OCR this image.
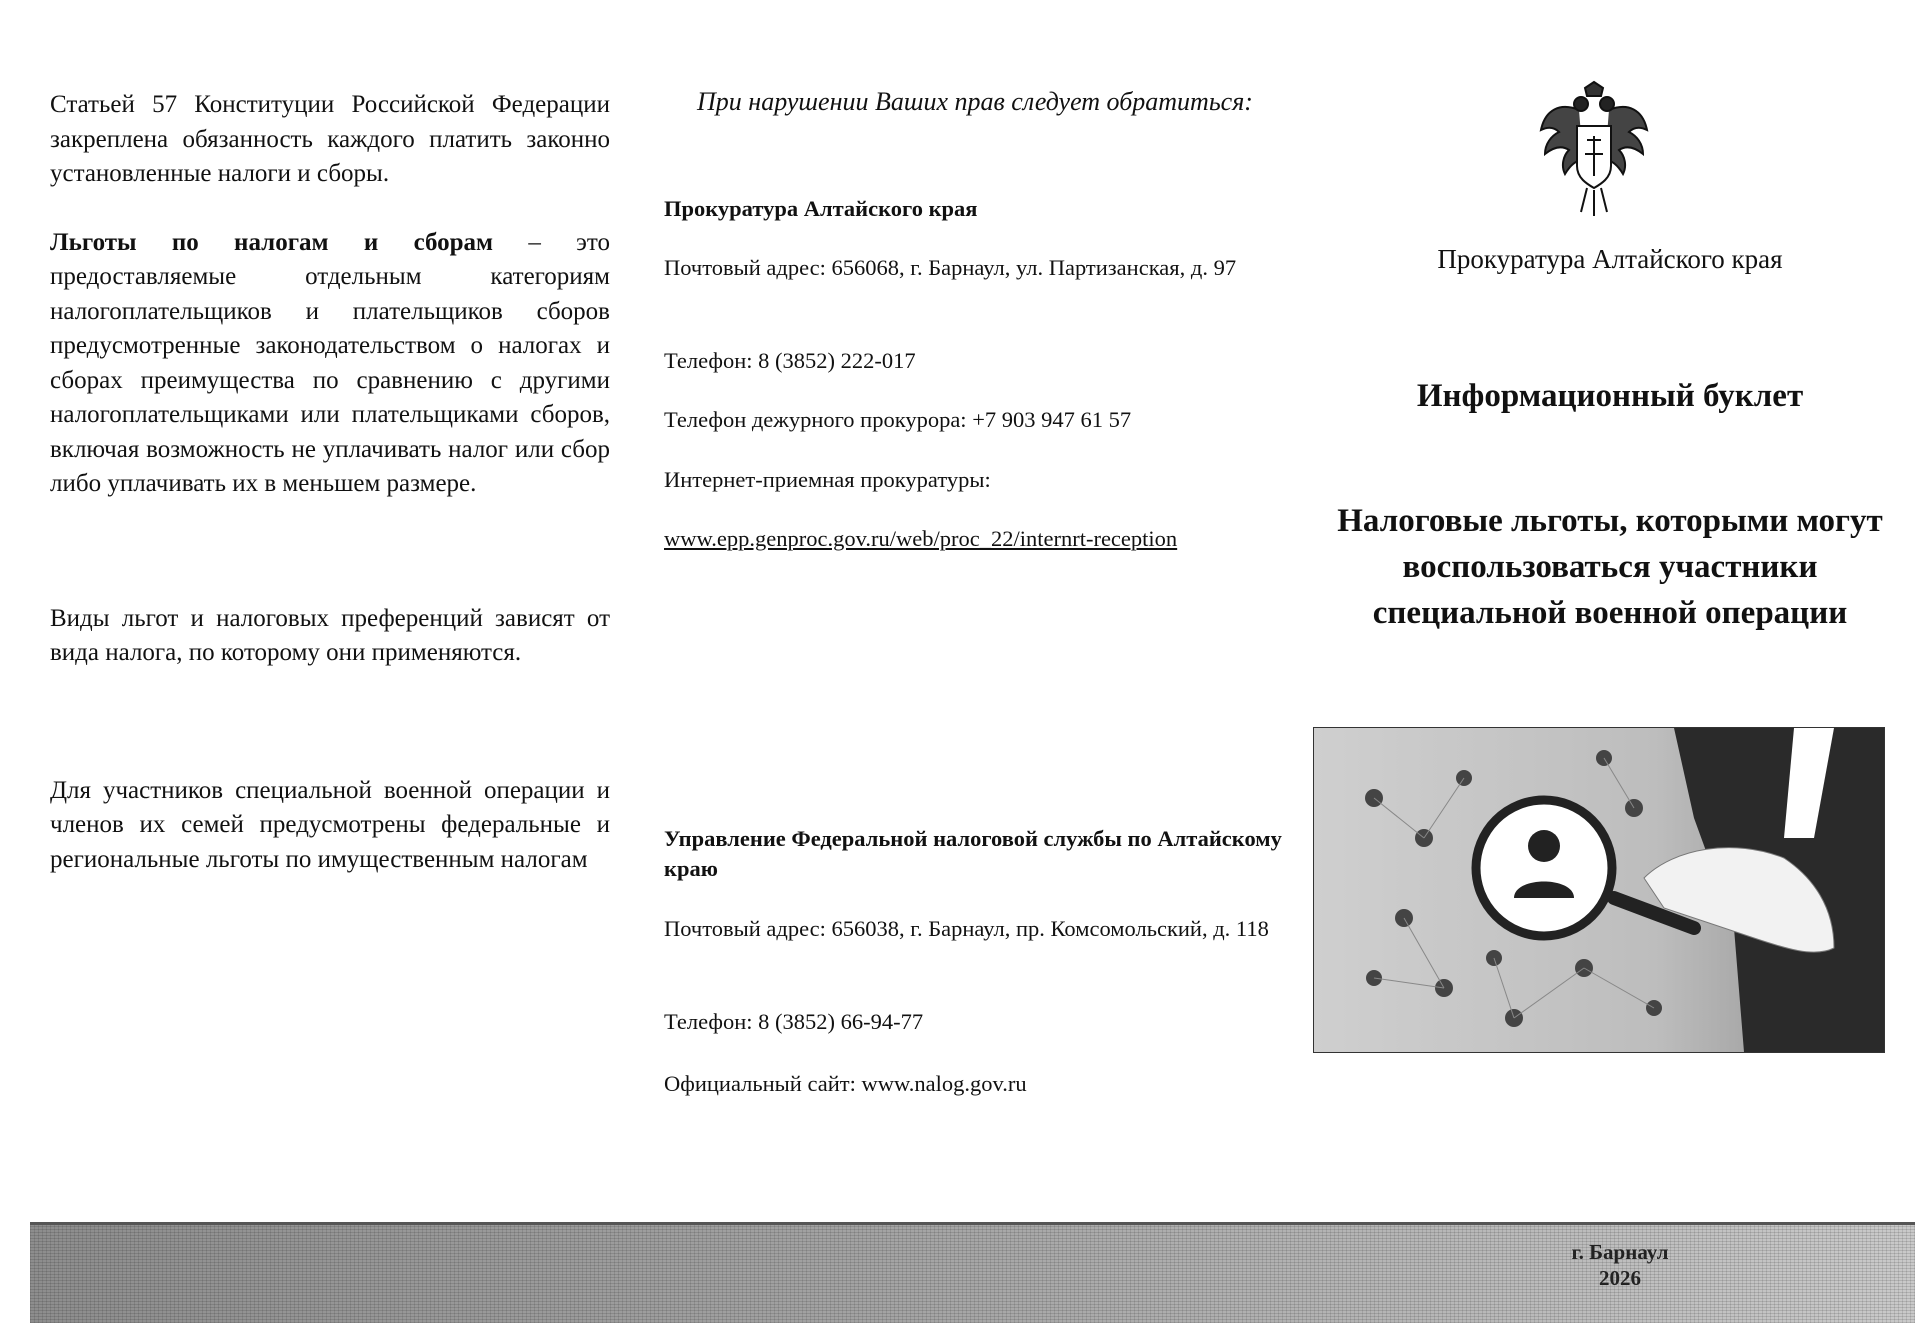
Статьей 57 Конституции Российской Федерации закреплена обязанность каждого платить законно установленные налоги и сборы.

Льготы по налогам и сборам – это предоставляемые отдельным категориям налогоплательщиков и плательщиков сборов предусмотренные законодательством о налогах и сборах преимущества по сравнению с другими налогоплательщиками или плательщиками сборов, включая возможность не уплачивать налог или сбор либо уплачивать их в меньшем размере.

Виды льгот и налоговых преференций зависят от вида налога, по которому они применяются.

Для участников специальной военной операции и членов их семей предусмотрены федеральные и региональные льготы по имущественным налогам

При нарушении Ваших прав следует обратиться:
Прокуратура Алтайского края
Почтовый адрес: 656068, г. Барнаул, ул. Партизанская, д. 97
Телефон: 8 (3852) 222-017
Телефон дежурного прокурора: +7 903 947 61 57
Интернет-приемная прокуратуры:
www.epp.genproc.gov.ru/web/proc_22/internrt-reception
Управление Федеральной налоговой службы по Алтайскому краю
Почтовый адрес: 656038, г. Барнаул, пр. Комсомольский, д. 118
Телефон: 8 (3852) 66-94-77
Официальный сайт: www.nalog.gov.ru
Прокуратура Алтайского края
Информационный буклет
Налоговые льготы, которыми могут воспользоваться участники специальной военной операции
г. Барнаул
2026
